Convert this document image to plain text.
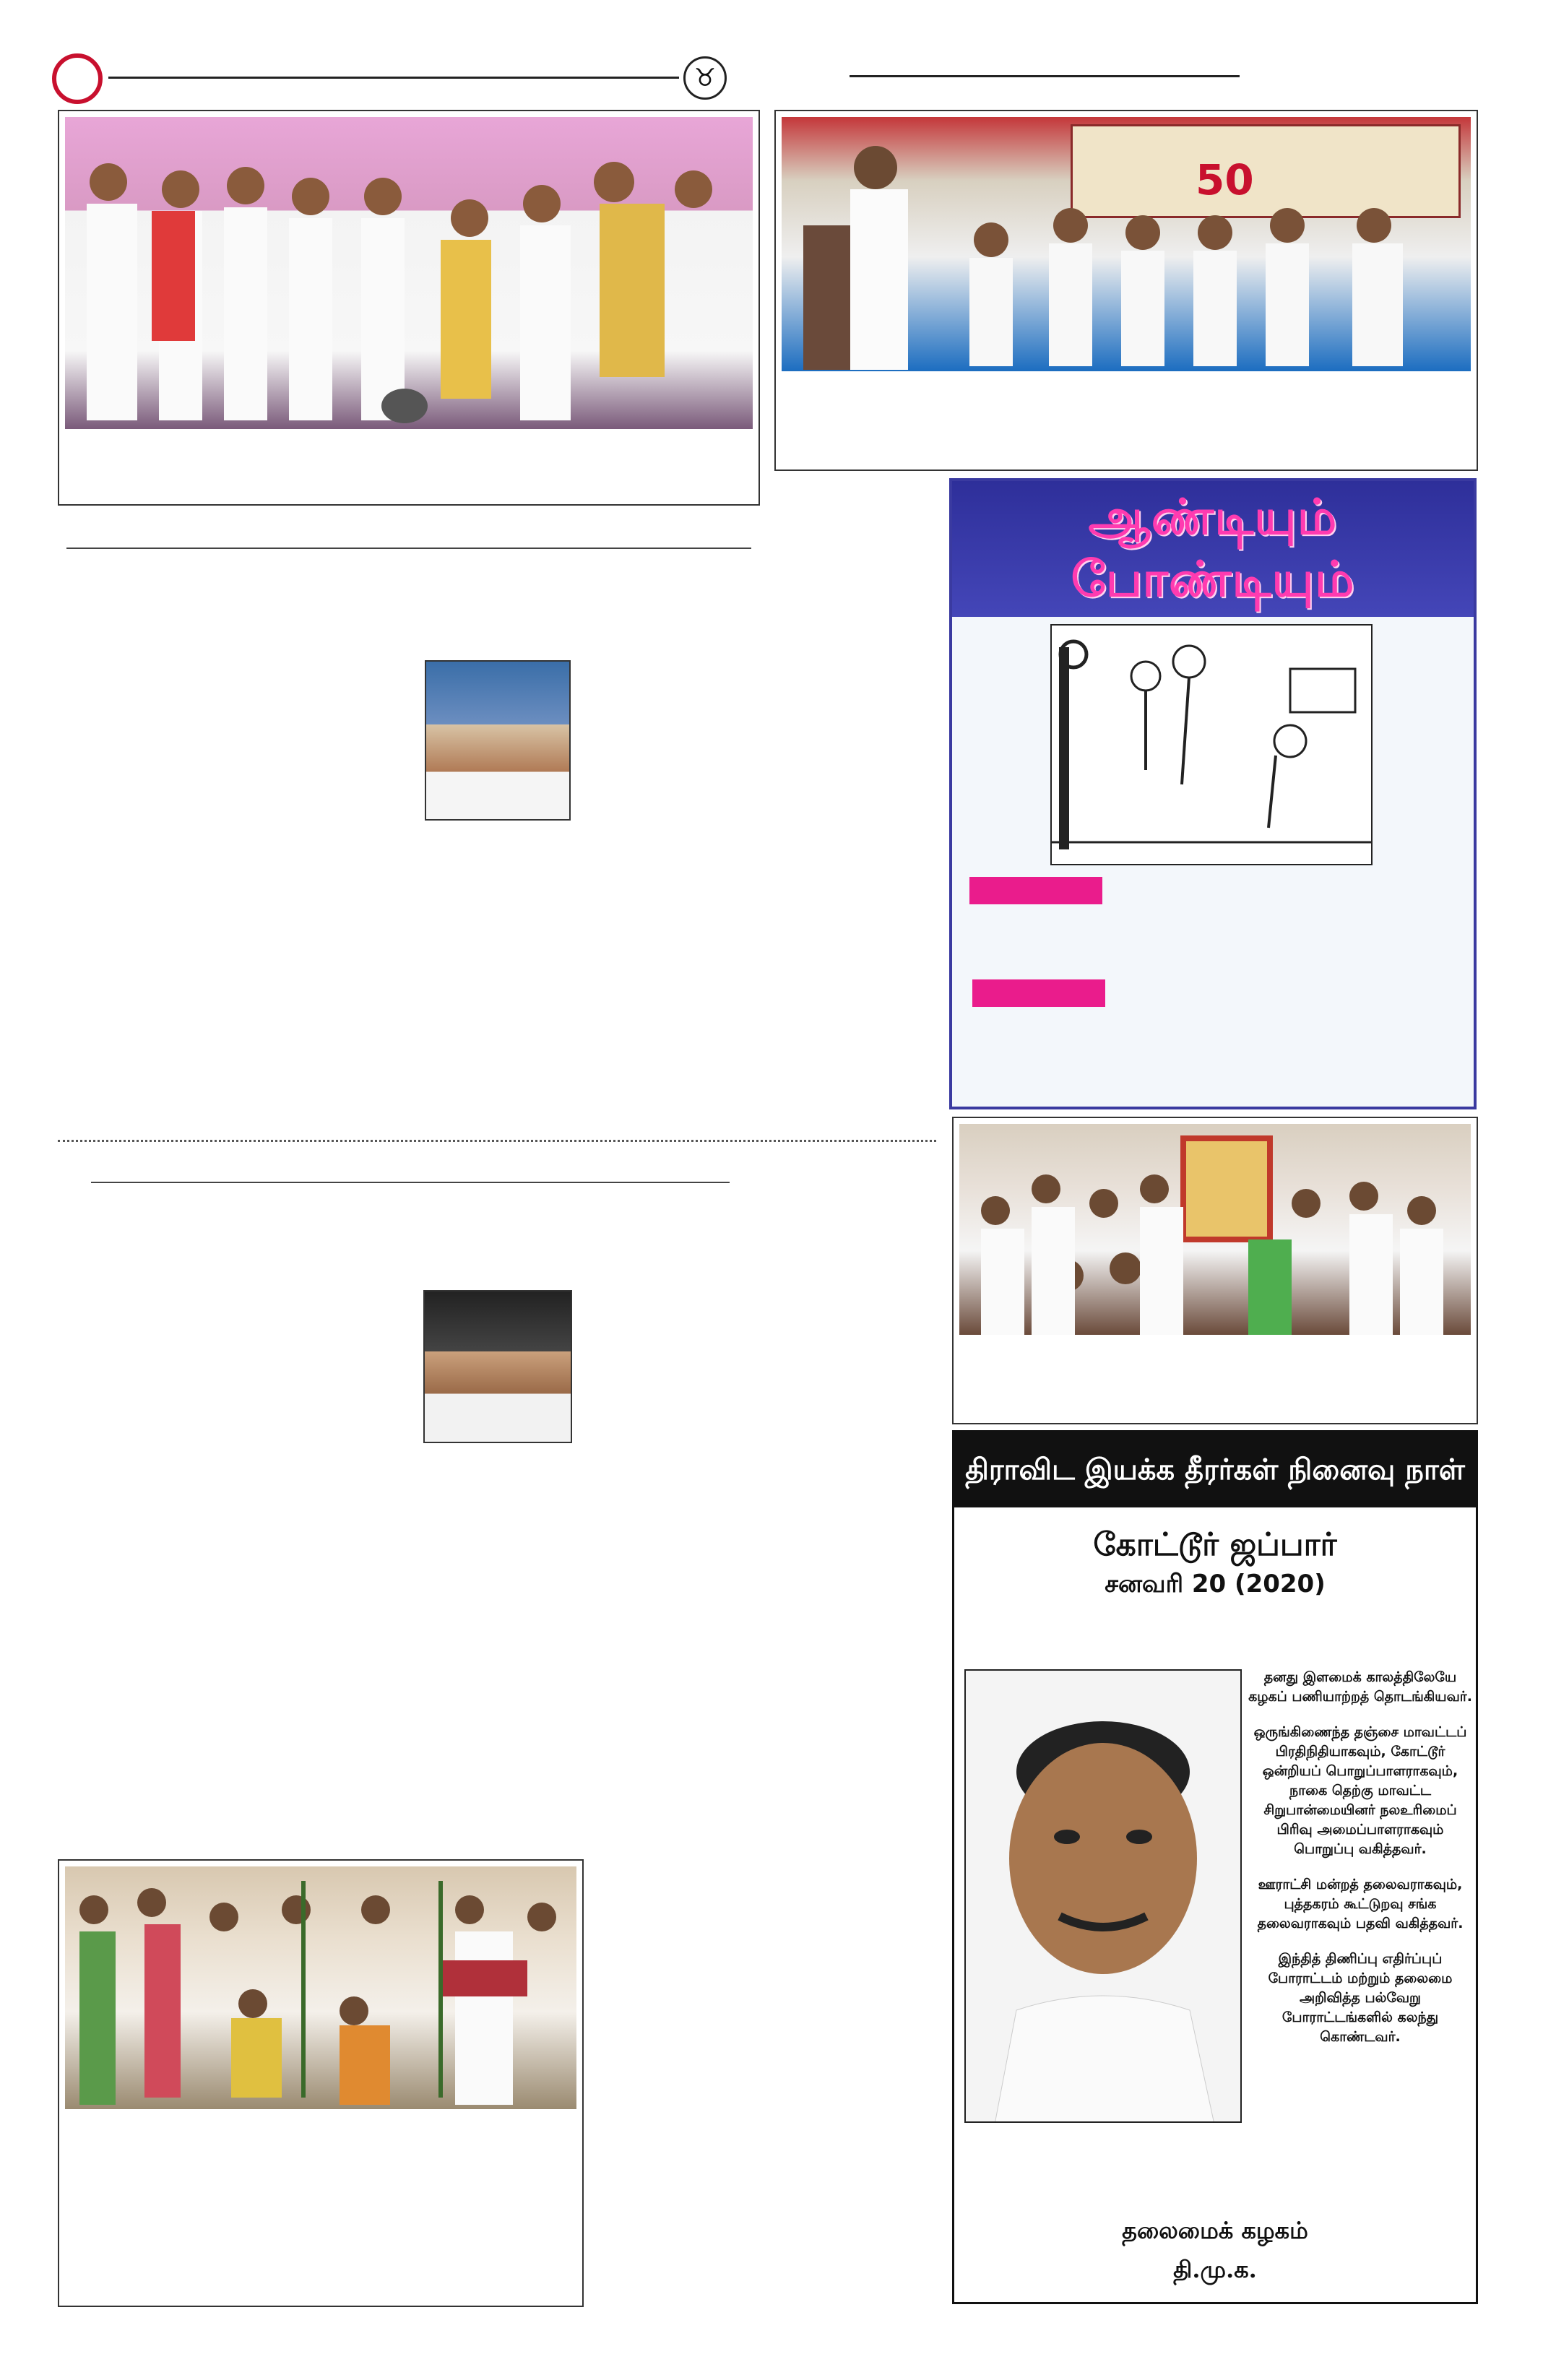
♉
50
ஆண்டியும்
போண்டியும்
திராவிட இயக்க தீரர்கள் நினைவு நாள்
கோட்டூர் ஜப்பார்
சனவரி 20 (2020)
தனது இளமைக் காலத்திலேயே கழகப் பணியாற்றத் தொடங்கியவர்.
ஒருங்கிணைந்த தஞ்சை மாவட்டப் பிரதிநிதியாகவும், கோட்டூர் ஒன்றியப் பொறுப்பாளராகவும், நாகை தெற்கு மாவட்ட சிறுபான்மையினர் நலஉரிமைப் பிரிவு அமைப்பாளராகவும் பொறுப்பு வகித்தவர்.
ஊராட்சி மன்றத் தலைவராகவும், புத்தகரம் கூட்டுறவு சங்க தலைவராகவும் பதவி வகித்தவர்.
இந்தித் திணிப்பு எதிர்ப்புப் போராட்டம் மற்றும் தலைமை அறிவித்த பல்வேறு போராட்டங்களில் கலந்து கொண்டவர்.
தலைமைக் கழகம்
தி.மு.க.
